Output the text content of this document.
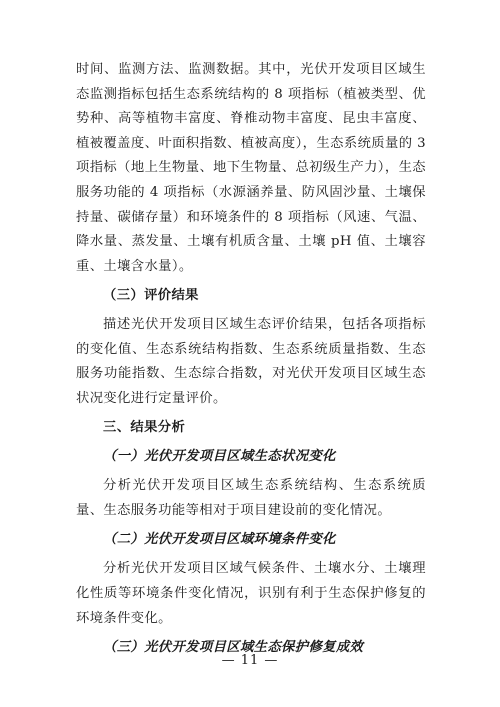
时间、监测方法、监测数据。其中，光伏开发项目区域生态监测指标包括生态系统结构的 8 项指标（植被类型、优势种、高等植物丰富度、脊椎动物丰富度、昆虫丰富度、植被覆盖度、叶面积指数、植被高度），生态系统质量的 3 项指标（地上生物量、地下生物量、总初级生产力），生态服务功能的 4 项指标（水源涵养量、防风固沙量、土壤保持量、碳储存量）和环境条件的 8 项指标（风速、气温、降水量、蒸发量、土壤有机质含量、土壤 pH 值、土壤容重、土壤含水量）。

（三）评价结果

描述光伏开发项目区域生态评价结果，包括各项指标的变化值、生态系统结构指数、生态系统质量指数、生态服务功能指数、生态综合指数，对光伏开发项目区域生态状况变化进行定量评价。

三、结果分析

（一）光伏开发项目区域生态状况变化

分析光伏开发项目区域生态系统结构、生态系统质量、生态服务功能等相对于项目建设前的变化情况。

（二）光伏开发项目区域环境条件变化

分析光伏开发项目区域气候条件、土壤水分、土壤理化性质等环境条件变化情况，识别有利于生态保护修复的环境条件变化。

（三）光伏开发项目区域生态保护修复成效

— 11 —
